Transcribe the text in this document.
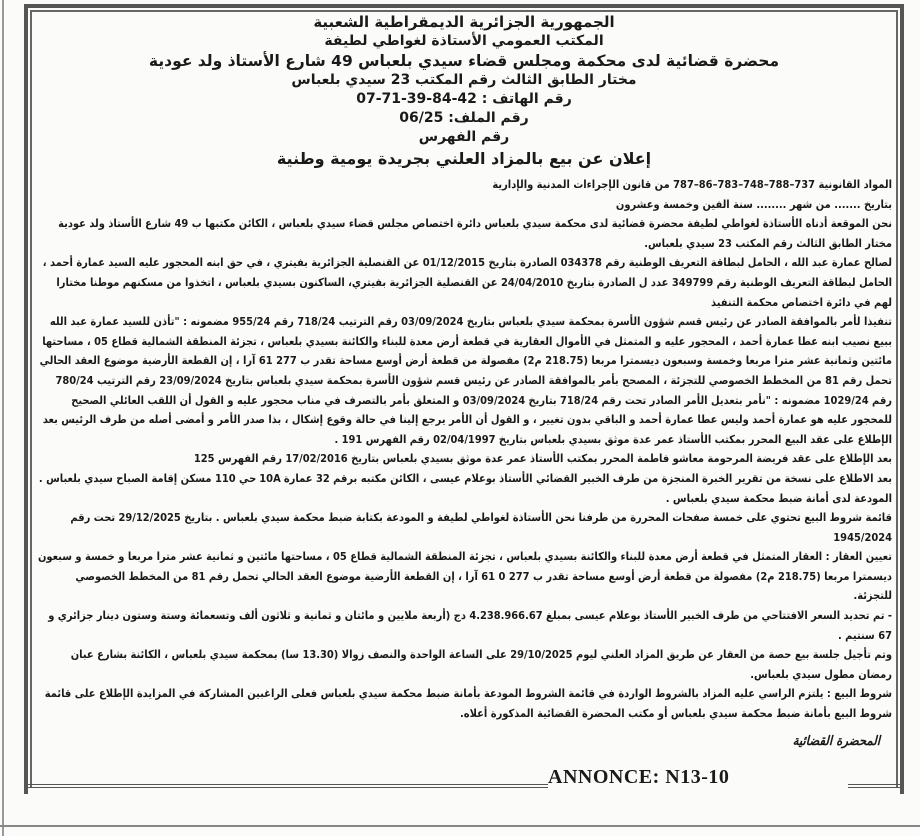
الجمهورية الجزائرية الديمقراطية الشعبية
المكتب العمومي الأستاذة لغواطي لطيفة
محضرة قضائية لدى محكمة ومجلس قضاء سيدي بلعباس 49 شارع الأستاذ ولد عودية
مختار الطابق الثالث رقم المكتب 23 سيدي بلعباس
رقم الهاتف : 42-84-39-71-07
رقم الملف: 06/25
رقم الفهرس
إعلان عن بيع بالمزاد العلني بجريدة يومية وطنية

المواد القانونية 737–788–748–783–86–787 من قانون الإجراءات المدنية والإدارية

بتاريخ ....... من شهر ........ سنة الفين وخمسة وعشرون

نحن الموقعة أدناه الأستاذة لغواطي لطيفة محضرة قضائية لدى محكمة سيدي بلعباس دائرة اختصاص مجلس قضاء سيدي بلعباس ، الكائن مكتبها ب 49 شارع الأستاذ ولد عودية مختار الطابق الثالث رقم المكتب 23 سيدي بلعباس.

لصالح عمارة عبد الله ، الحامل لبطاقة التعريف الوطنية رقم 034378 الصادرة بتاريخ 01/12/2015 عن القنصلية الجزائرية بفيتري ، في حق ابنه المحجور عليه السيد عمارة أحمد ، الحامل لبطاقة التعريف الوطنية رقم 349799 عدد ل الصادرة بتاريخ 24/04/2010 عن القنصلية الجزائرية بفيتري، الساكنون بسيدي بلعباس ، اتخذوا من مسكنهم موطنا مختارا لهم في دائرة اختصاص محكمة التنفيذ

تنفيذا لأمر بالموافقة الصادر عن رئيس قسم شؤون الأسرة بمحكمة سيدي بلعباس بتاريخ 03/09/2024 رقم الترتيب 718/24 رقم 955/24 مضمونه : "تأذن للسيد عمارة عبد الله ببيع نصيب ابنه عطا عمارة أحمد ، المحجور عليه و المتمثل في الأموال العقارية في قطعة أرض معدة للبناء والكائنة بسيدي بلعباس ، تجزئة المنطقة الشمالية قطاع 05 ، مساحتها مائتين وثمانية عشر مترا مربعا وخمسة وسبعون ديسمترا مربعا (218.75 م2) مفصولة من قطعة أرض أوسع مساحة تقدر ب 277 61 آرا ، إن القطعة الأرضية موضوع العقد الحالي تحمل رقم 81 من المخطط الخصوصي للتجزئة ، المصحح بأمر بالموافقة الصادر عن رئيس قسم شؤون الأسرة بمحكمة سيدي بلعباس بتاريخ 23/09/2024 رقم الترتيب 780/24 رقم 1029/24 مضمونه : "نأمر بتعديل الأمر الصادر تحت رقم 718/24 بتاريخ 03/09/2024 و المتعلق بأمر بالتصرف في مناب محجور عليه و القول أن اللقب العائلي الصحيح للمحجور عليه هو عمارة أحمد وليس عطا عمارة أحمد و الباقي بدون تغيير ، و القول أن الأمر يرجع إلينا في حالة وقوع إشكال ، بذا صدر الأمر و أمضى أصله من طرف الرئيس بعد الإطلاع على عقد البيع المحرر بمكتب الأستاذ عمر عدة موثق بسيدي بلعباس بتاريخ 02/04/1997 رقم الفهرس 191 .

بعد الإطلاع على عقد فريضة المرحومة معاشو فاطمة المحرر بمكتب الأستاذ عمر عدة موثق بسيدي بلعباس بتاريخ 17/02/2016 رقم الفهرس 125

بعد الاطلاع على نسخة من تقرير الخبرة المنجزة من طرف الخبير القضائي الأستاذ بوعلام عيسى ، الكائن مكتبه برقم 32 عمارة 10A حي 110 مسكن إقامة الصباح سيدي بلعباس . المودعة لدى أمانة ضبط محكمة سيدي بلعباس .

قائمة شروط البيع تحتوي على خمسة صفحات المحررة من طرفنا نحن الأستاذة لغواطي لطيفة و المودعة بكتابة ضبط محكمة سيدي بلعباس . بتاريخ 29/12/2025 تحت رقم 1945/2024

تعيين العقار : العقار المتمثل في قطعة أرض معدة للبناء والكائنة بسيدي بلعباس ، تجزئة المنطقة الشمالية قطاع 05 ، مساحتها مائتين و ثمانية عشر مترا مربعا و خمسة و سبعون ديسمترا مربعا (218.75 م2) مفصولة من قطعة أرض أوسع مساحة تقدر ب 277 0 61 آرا ، إن القطعة الأرضية موضوع العقد الحالي تحمل رقم 81 من المخطط الخصوصي للتجزئة.

- تم تحديد السعر الافتتاحي من طرف الخبير الأستاذ بوعلام عيسى بمبلغ 4.238.966.67 دج (أربعة ملايين و مائتان و ثمانية و ثلاثون ألف وتسعمائة وستة وستون دينار جزائري و 67 سنتيم .

وتم تأجيل جلسة بيع حصة من العقار عن طريق المزاد العلني ليوم 29/10/2025 على الساعة الواحدة والنصف زوالا (13.30 سا) بمحكمة سيدي بلعباس ، الكائنة بشارع عبان رمضان مطول سيدي بلعباس.

شروط البيع : يلتزم الراسي عليه المزاد بالشروط الواردة في قائمة الشروط المودعة بأمانة ضبط محكمة سيدي بلعباس فعلى الراغبين المشاركة في المزايدة الإطلاع على قائمة شروط البيع بأمانة ضبط محكمة سيدي بلعباس أو مكتب المحضرة القضائية المذكورة أعلاه.

المحضرة القضائية
ANNONCE: N13-10
